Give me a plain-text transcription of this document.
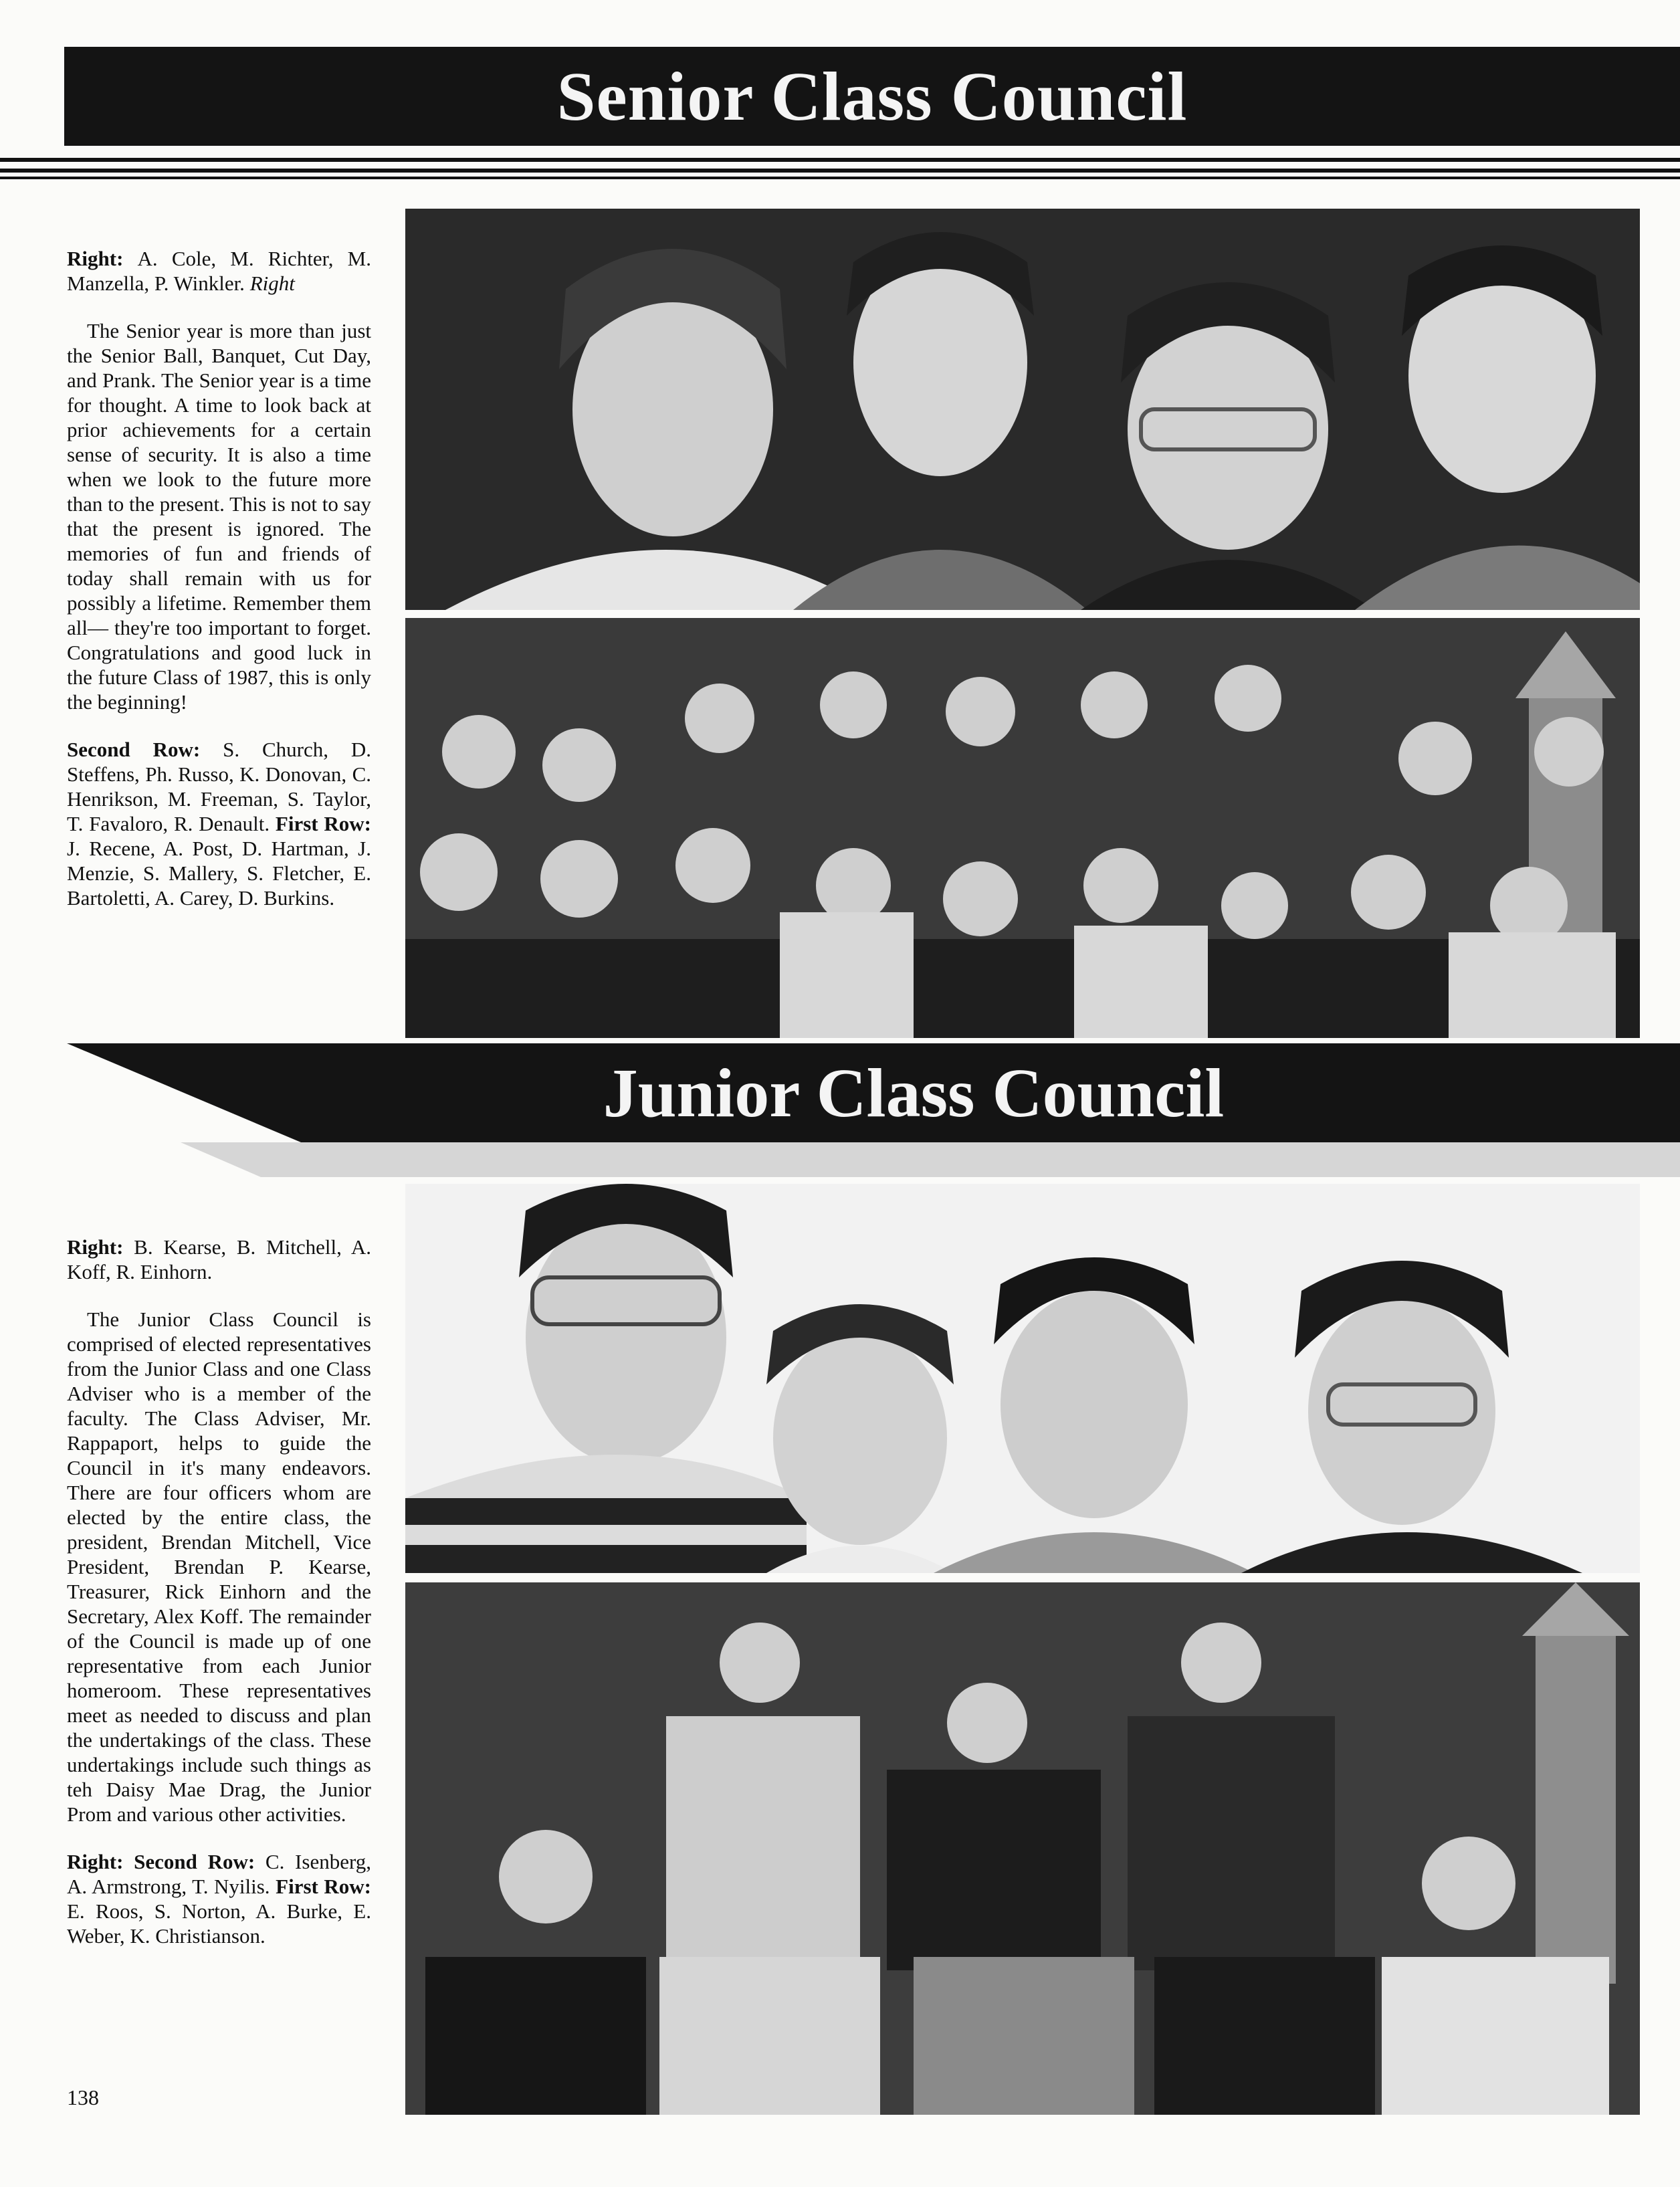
Senior Class Council

Right: A. Cole, M. Richter, M. Manzella, P. Winkler. Right

The Senior year is more than just the Senior Ball, Banquet, Cut Day, and Prank. The Senior year is a time for thought. A time to look back at prior achievements for a certain sense of security. It is also a time when we look to the future more than to the present. This is not to say that the present is ignored. The memories of fun and friends of today shall remain with us for possibly a lifetime. Remember them all— they're too important to forget. Congratulations and good luck in the future Class of 1987, this is only the beginning!

Second Row: S. Church, D. Steffens, Ph. Russo, K. Donovan, C. Henrikson, M. Freeman, S. Taylor, T. Favaloro, R. Denault. First Row: J. Recene, A. Post, D. Hartman, J. Menzie, S. Mallery, S. Fletcher, E. Bartoletti, A. Carey, D. Burkins.

Junior Class Council

Right: B. Kearse, B. Mitchell, A. Koff, R. Einhorn.

The Junior Class Council is comprised of elected representatives from the Junior Class and one Class Adviser who is a member of the faculty. The Class Adviser, Mr. Rappaport, helps to guide the Council in it's many endeavors. There are four officers whom are elected by the entire class, the president, Brendan Mitchell, Vice President, Brendan P. Kearse, Treasurer, Rick Einhorn and the Secretary, Alex Koff. The remainder of the Council is made up of one representative from each Junior homeroom. These representatives meet as needed to discuss and plan the undertakings of the class. These undertakings include such things as teh Daisy Mae Drag, the Junior Prom and various other activities.

Right: Second Row: C. Isenberg, A. Armstrong, T. Nyilis. First Row: E. Roos, S. Norton, A. Burke, E. Weber, K. Christianson.

138
